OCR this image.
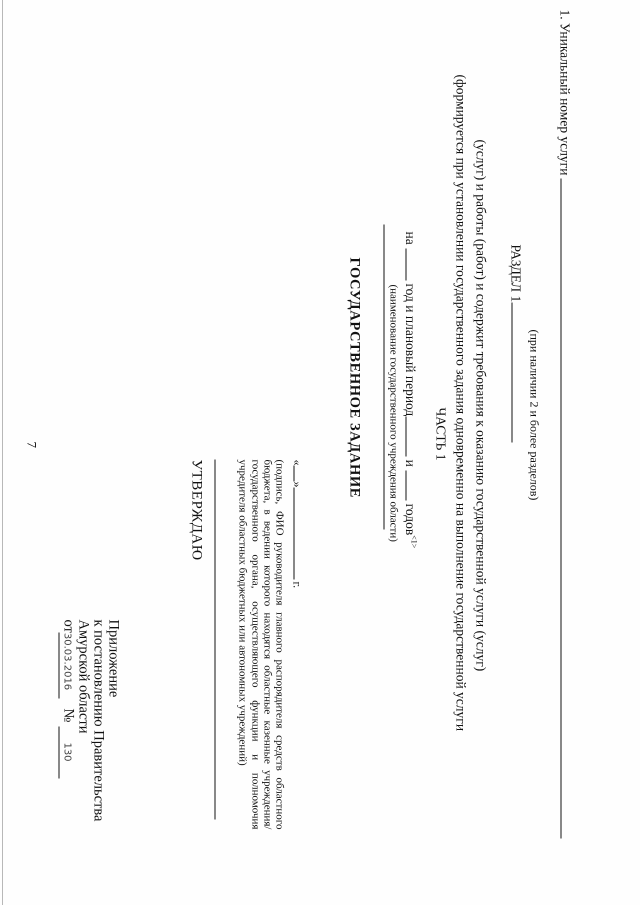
7
Приложение
к постановлению Правительства
Амурской области
от30.03.2016 № 130
УТВЕРЖДАЮ	(подпись, ФИО руководителя главного распорядителя средств областного бюджета, в ведении которого находятся областные казенные учреждения/государственного органа, осуществляющего функции и полномочия учредителя областных бюджетных или автономных учреждений)	«»г.
ГОСУДАРСТВЕННОЕ ЗАДАНИЕ (наименование государственного учреждения области)
на  год и плановый период и  годов$^{<1>}$
ЧАСТЬ 1 (формируется при установлении государственного задания одновременно на выполнение государственной услуги (услуг) и работы (работ) и содержит требования к оказанию государственной услуги (услуг) РАЗДЕЛ 1
(при наличии 2 и более разделов)
1. Уникальный номер услуги
